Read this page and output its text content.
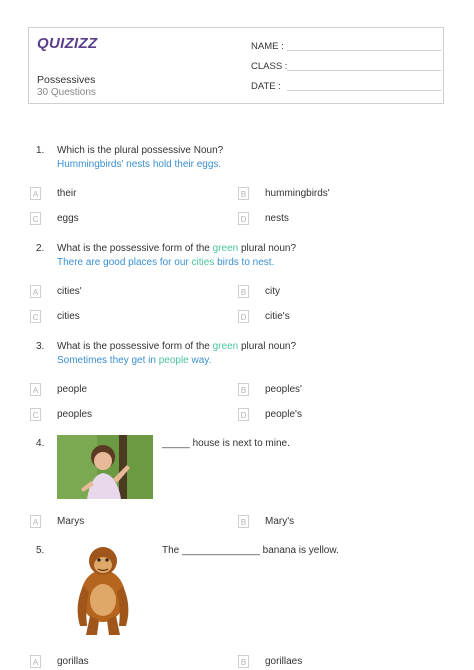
QUIZIZZ
Possessives
30 Questions
NAME :
CLASS :
DATE :
1. Which is the plural possessive Noun?
Hummingbirds' nests hold their eggs.
A their	B hummingbirds'
C eggs	D nests
2. What is the possessive form of the green plural noun?
There are good places for our cities birds to nest.
A cities'	B city
C cities	D citie's
3. What is the possessive form of the green plural noun?
Sometimes they get in people way.
A people	B peoples'
C peoples	D people's
4.	_____ house is next to mine.
A Marys	B Mary's
5.	The ______________ banana is yellow.
A gorillas	B gorillaes
